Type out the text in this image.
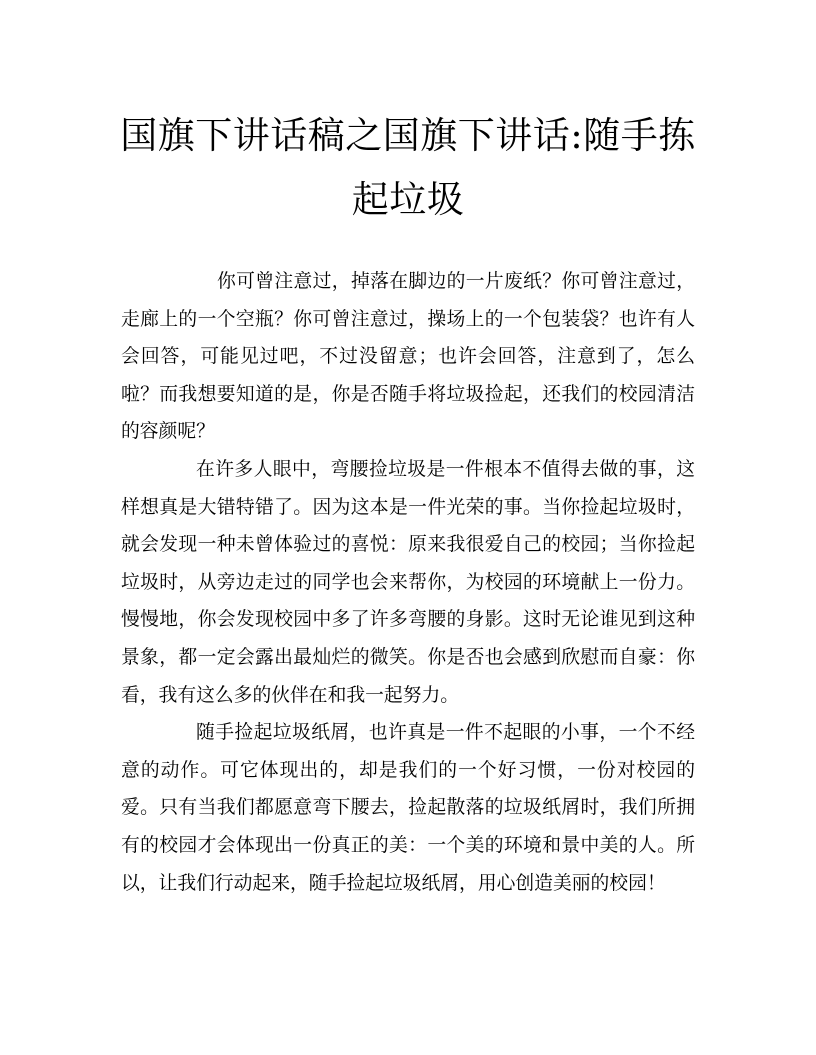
国旗下讲话稿之国旗下讲话:随手拣起垃圾

你可曾注意过，掉落在脚边的一片废纸？你可曾注意过，走廊上的一个空瓶？你可曾注意过，操场上的一个包装袋？也许有人会回答，可能见过吧，不过没留意；也许会回答，注意到了，怎么啦？而我想要知道的是，你是否随手将垃圾捡起，还我们的校园清洁的容颜呢？

在许多人眼中，弯腰捡垃圾是一件根本不值得去做的事，这样想真是大错特错了。因为这本是一件光荣的事。当你捡起垃圾时，就会发现一种未曾体验过的喜悦：原来我很爱自己的校园；当你捡起垃圾时，从旁边走过的同学也会来帮你，为校园的环境献上一份力。慢慢地，你会发现校园中多了许多弯腰的身影。这时无论谁见到这种景象，都一定会露出最灿烂的微笑。你是否也会感到欣慰而自豪：你看，我有这么多的伙伴在和我一起努力。

随手捡起垃圾纸屑，也许真是一件不起眼的小事，一个不经意的动作。可它体现出的，却是我们的一个好习惯，一份对校园的爱。只有当我们都愿意弯下腰去，捡起散落的垃圾纸屑时，我们所拥有的校园才会体现出一份真正的美：一个美的环境和景中美的人。所以，让我们行动起来，随手捡起垃圾纸屑，用心创造美丽的校园！
